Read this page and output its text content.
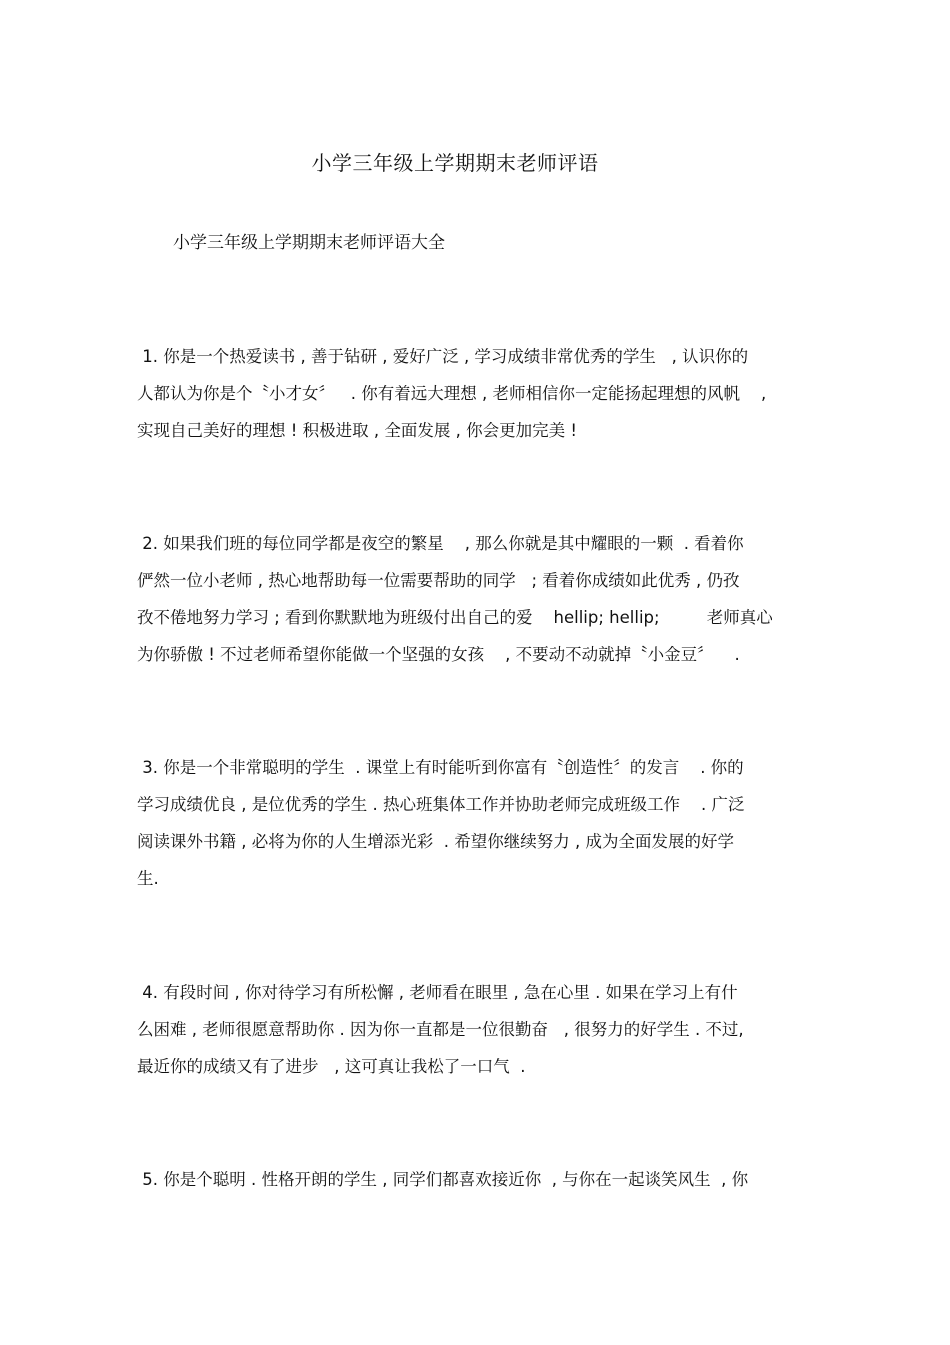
小学三年级上学期期末老师评语
小学三年级上学期期末老师评语大全
1. 你是一个热爱读书 , 善于钻研 , 爱好广泛 , 学习成绩非常优秀的学生   , 认识你的
人都认为你是个〝小才女〞   . 你有着远大理想 , 老师相信你一定能扬起理想的风帆    ,
实现自己美好的理想 ! 积极进取 , 全面发展 , 你会更加完美 !
2. 如果我们班的每位同学都是夜空的繁星    , 那么你就是其中耀眼的一颗  . 看着你
俨然一位小老师 , 热心地帮助每一位需要帮助的同学   ; 看着你成绩如此优秀 , 仍孜
孜不倦地努力学习 ; 看到你默默地为班级付出自己的爱    hellip; hellip;         老师真心
为你骄傲 ! 不过老师希望你能做一个坚强的女孩    , 不要动不动就掉〝小金豆〞    .
3. 你是一个非常聪明的学生  . 课堂上有时能听到你富有〝创造性〞的发言    . 你的
学习成绩优良 , 是位优秀的学生 . 热心班集体工作并协助老师完成班级工作    . 广泛
阅读课外书籍 , 必将为你的人生增添光彩  . 希望你继续努力 , 成为全面发展的好学
生.
4. 有段时间 , 你对待学习有所松懈 , 老师看在眼里 , 急在心里 . 如果在学习上有什
么困难 , 老师很愿意帮助你 . 因为你一直都是一位很勤奋   , 很努力的好学生 . 不过,
最近你的成绩又有了进步   , 这可真让我松了一口气  .
5. 你是个聪明 . 性格开朗的学生 , 同学们都喜欢接近你  , 与你在一起谈笑风生  , 你
